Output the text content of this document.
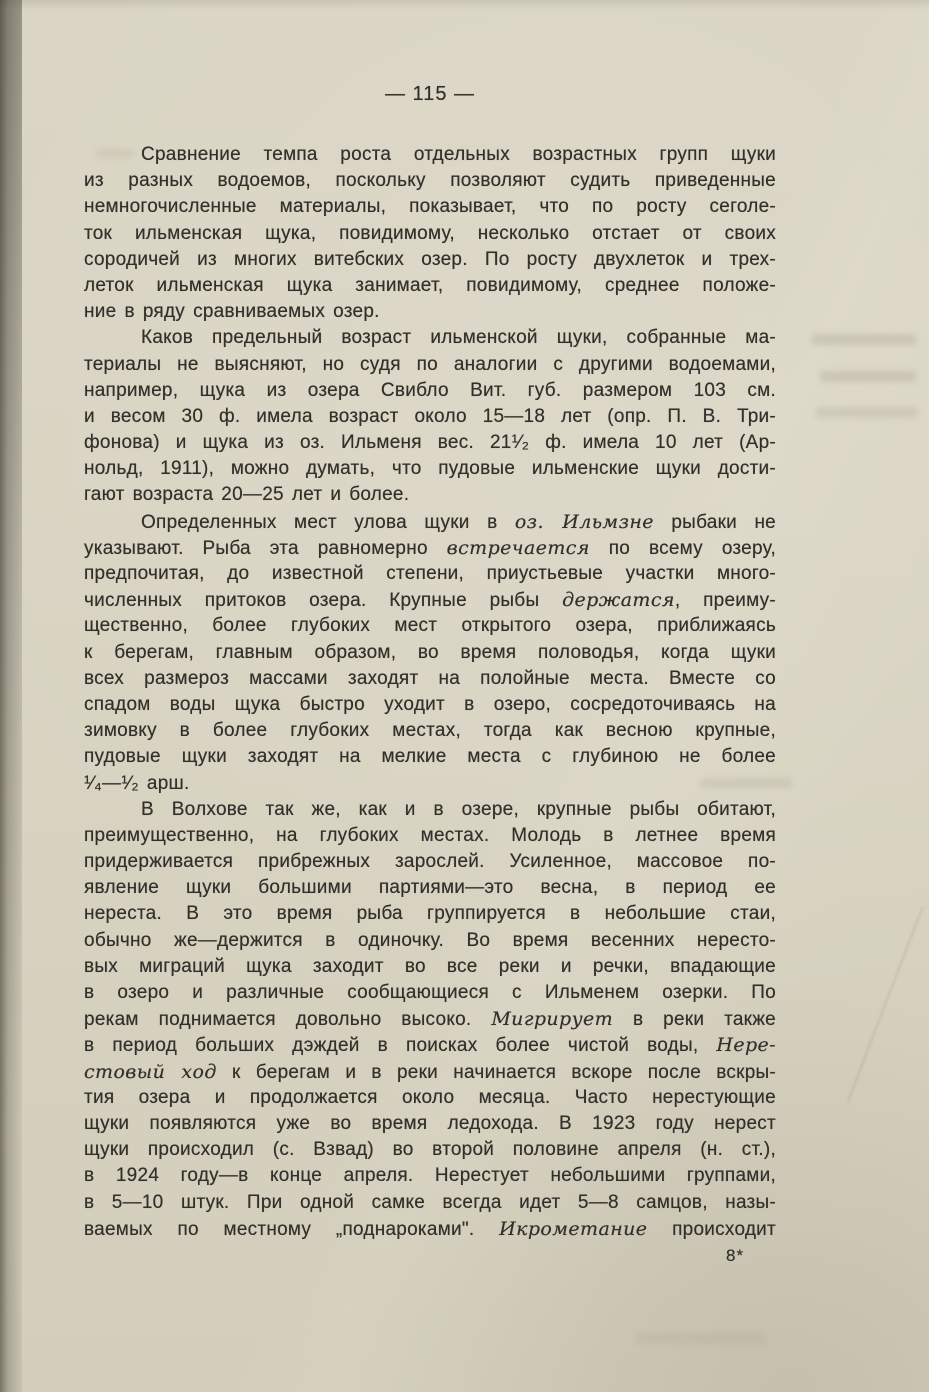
— 115 —
Сравнение темпа роста отдельных возрастных групп щуки
из разных водоемов, поскольку позволяют судить приведенные
немногочисленные материалы, показывает, что по росту сеголе-
ток ильменская щука, повидимому, несколько отстает от своих
сородичей из многих витебских озер. По росту двухлеток и трех-
леток ильменская щука занимает, повидимому, среднее положе-
ние в ряду сравниваемых озер.
Каков предельный возраст ильменской щуки, собранные ма-
териалы не выясняют, но судя по аналогии с другими водоемами,
например, щука из озера Свибло Вит. губ. размером 103 см.
и весом 30 ф. имела возраст около 15—18 лет (опр. П. В. Три-
фонова) и щука из оз. Ильменя вес. 21¹⁄₂ ф. имела 10 лет (Ар-
нольд, 1911), можно думать, что пудовые ильменские щуки дости-
гают возраста 20—25 лет и более.
Определенных мест улова щуки в оз. Ильмзне рыбаки не
указывают. Рыба эта равномерно встречается по всему озеру,
предпочитая, до известной степени, приустьевые участки много-
численных притоков озера. Крупные рыбы держатся, преиму-
щественно, более глубоких мест открытого озера, приближаясь
к берегам, главным образом, во время половодья, когда щуки
всех размероз массами заходят на полойные места. Вместе со
спадом воды щука быстро уходит в озеро, сосредоточиваясь на
зимовку в более глубоких местах, тогда как весною крупные,
пудовые щуки заходят на мелкие места с глубиною не более
¹⁄₄—¹⁄₂ арш.
В Волхове так же, как и в озере, крупные рыбы обитают,
преимущественно, на глубоких местах. Молодь в летнее время
придерживается прибрежных зарослей. Усиленное, массовое по-
явление щуки большими партиями—это весна, в период ее
нереста. В это время рыба группируется в небольшие стаи,
обычно же—держится в одиночку. Во время весенних нересто-
вых миграций щука заходит во все реки и речки, впадающие
в озеро и различные сообщающиеся с Ильменем озерки. По
рекам поднимается довольно высоко. Мигрирует в реки также
в период больших дэждей в поисках более чистой воды, Нере-
стовый ход к берегам и в реки начинается вскоре после вскры-
тия озера и продолжается около месяца. Часто нерестующие
щуки появляются уже во время ледохода. В 1923 году нерест
щуки происходил (с. Взвад) во второй половине апреля (н. ст.),
в 1924 году—в конце апреля. Нерестует небольшими группами,
в 5—10 штук. При одной самке всегда идет 5—8 самцов, назы-
ваемых по местному „поднароками". Икрометание происходит
8*
